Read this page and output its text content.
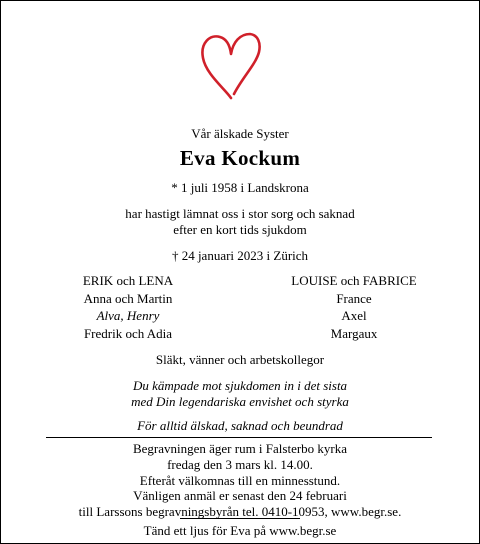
Vår älskade Syster
Eva Kockum
* 1 juli 1958 i Landskrona
har hastigt lämnat oss i stor sorg och saknad
efter en kort tids sjukdom
† 24 januari 2023 i Zürich
ERIK och LENA
Anna och Martin
Alva, Henry
Fredrik och Adia
LOUISE och FABRICE
France
Axel
Margaux
Släkt, vänner och arbetskollegor
Du kämpade mot sjukdomen in i det sista
med Din legendariska envishet och styrka
För alltid älskad, saknad och beundrad
Begravningen äger rum i Falsterbo kyrka
fredag den 3 mars kl. 14.00.
Efteråt välkomnas till en minnesstund.
Vänligen anmäl er senast den 24 februari
till Larssons begravningsbyrån tel. 0410-10953, www.begr.se.
Tänd ett ljus för Eva på www.begr.se
